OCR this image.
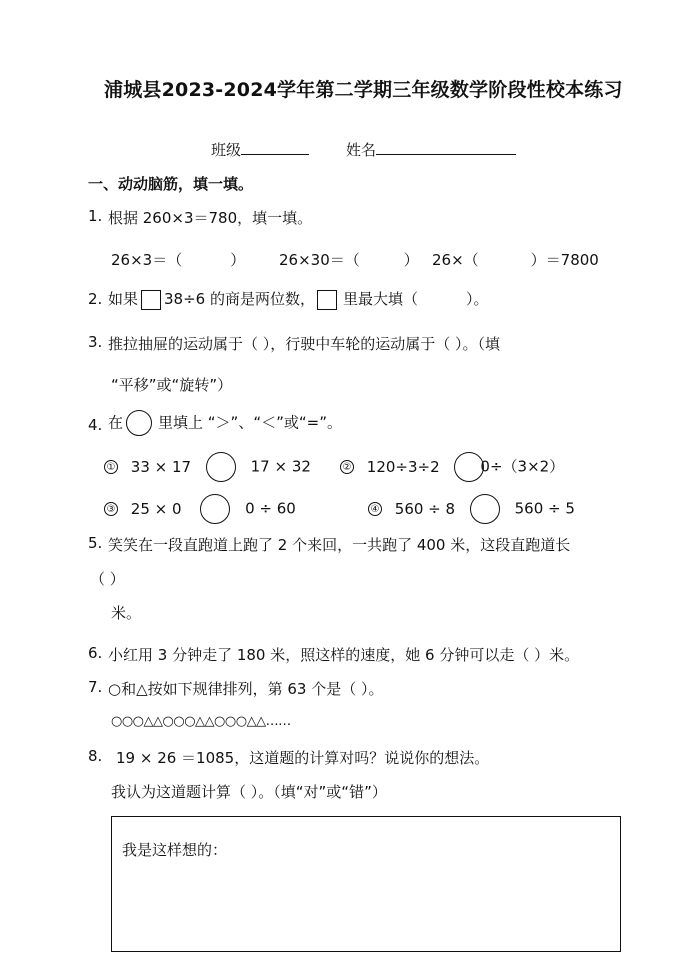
浦城县2023-2024学年第二学期三年级数学阶段性校本练习
班级	姓名
一、动动脑筋，填一填。
1. 根据 260×3＝780，填一填。
26×3＝（	） 26×30＝（	） 26×（	）＝7800
2. 如果 38÷6 的商是两位数， 里最大填（	）。
3. 推拉抽屉的运动属于（ ），行驶中车轮的运动属于（ ）。（填
“平移”或“旋转”）
4. 在 里填上 “＞”、“＜”或“=”。
① 33 × 17	17 × 32	② 120÷3÷2	0÷（3×2）
③ 25 × 0	0 ÷ 60	④ 560 ÷ 8	560 ÷ 5
5. 笑笑在一段直跑道上跑了 2 个来回，一共跑了 400 米，这段直跑道长
（ ）
米。
6. 小红用 3 分钟走了 180 米，照这样的速度，她 6 分钟可以走（ ）米。
7. ○和△按如下规律排列，第 63 个是（ ）。
○○○△△○○○△△○○○△△……
8. 19 × 26 ＝1085，这道题的计算对吗？说说你的想法。
我认为这道题计算（ ）。（填“对”或“错”）
我是这样想的：
